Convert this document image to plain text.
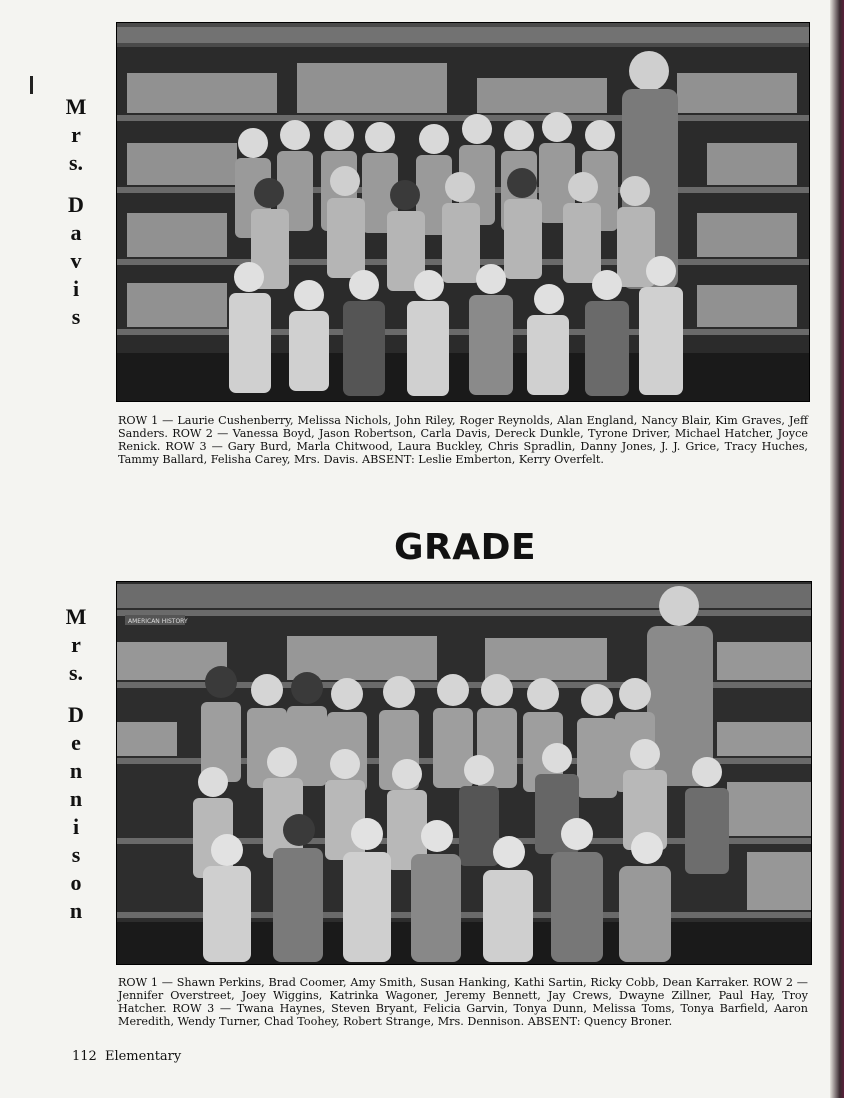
M
r
s.
D
a
v
i
s
ROW 1 — Laurie Cushenberry, Melissa Nichols, John Riley, Roger Reynolds, Alan England, Nancy Blair, Kim Graves, Jeff Sanders. ROW 2 — Vanessa Boyd, Jason Robertson, Carla Davis, Dereck Dunkle, Tyrone Driver, Michael Hatcher, Joyce Renick. ROW 3 — Gary Burd, Marla Chitwood, Laura Buckley, Chris Spradlin, Danny Jones, J. J. Grice, Tracy Huches, Tammy Ballard, Felisha Carey, Mrs. Davis. ABSENT: Leslie Emberton, Kerry Overfelt.
GRADE
M
r
s.
D
e
n
n
i
s
o
n
AMERICAN HISTORY
ROW 1 — Shawn Perkins, Brad Coomer, Amy Smith, Susan Hanking, Kathi Sartin, Ricky Cobb, Dean Karraker. ROW 2 — Jennifer Overstreet, Joey Wiggins, Katrinka Wagoner, Jeremy Bennett, Jay Crews, Dwayne Zillner, Paul Hay, Troy Hatcher. ROW 3 — Twana Haynes, Steven Bryant, Felicia Garvin, Tonya Dunn, Melissa Toms, Tonya Barfield, Aaron Meredith, Wendy Turner, Chad Toohey, Robert Strange, Mrs. Dennison. ABSENT: Quency Broner.
112 Elementary
